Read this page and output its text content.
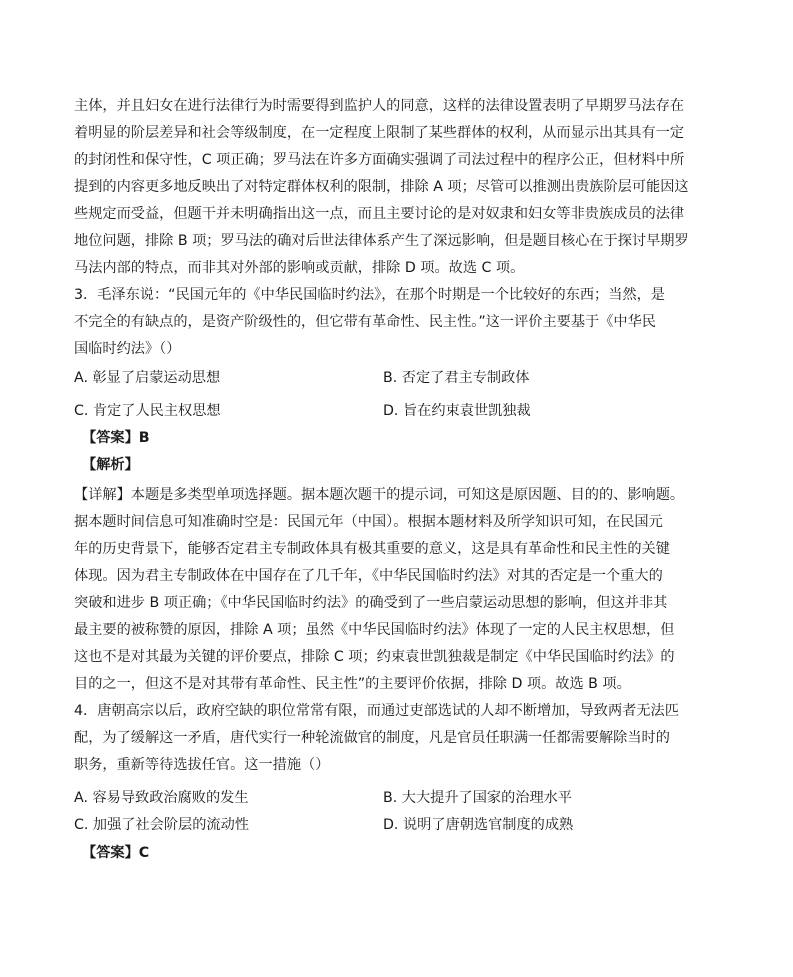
主体，并且妇女在进行法律行为时需要得到监护人的同意，这样的法律设置表明了早期罗马法存在
着明显的阶层差异和社会等级制度，在一定程度上限制了某些群体的权利，从而显示出其具有一定
的封闭性和保守性，C 项正确；罗马法在许多方面确实强调了司法过程中的程序公正，但材料中所
提到的内容更多地反映出了对特定群体权利的限制，排除 A 项；尽管可以推测出贵族阶层可能因这
些规定而受益，但题干并未明确指出这一点，而且主要讨论的是对奴隶和妇女等非贵族成员的法律
地位问题，排除 B 项；罗马法的确对后世法律体系产生了深远影响，但是题目核心在于探讨早期罗
马法内部的特点，而非其对外部的影响或贡献，排除 D 项。故选 C 项。
3．毛泽东说：“民国元年的《中华民国临时约法》，在那个时期是一个比较好的东西；当然，是
不完全的有缺点的，是资产阶级性的，但它带有革命性、民主性。”这一评价主要基于《中华民
国临时约法》（）
A. 彰显了启蒙运动思想	B. 否定了君主专制政体
C. 肯定了人民主权思想	D. 旨在约束袁世凯独裁
【答案】B
【解析】
【详解】本题是多类型单项选择题。据本题次题干的提示词，可知这是原因题、目的的、影响题。
据本题时间信息可知准确时空是：民国元年（中国）。根据本题材料及所学知识可知，在民国元
年的历史背景下，能够否定君主专制政体具有极其重要的意义，这是具有革命性和民主性的关键
体现。因为君主专制政体在中国存在了几千年，《中华民国临时约法》对其的否定是一个重大的
突破和进步 B 项正确；《中华民国临时约法》的确受到了一些启蒙运动思想的影响，但这并非其
最主要的被称赞的原因，排除 A 项；虽然《中华民国临时约法》体现了一定的人民主权思想，但
这也不是对其最为关键的评价要点，排除 C 项；约束袁世凯独裁是制定《中华民国临时约法》的
目的之一，但这不是对其带有革命性、民主性”的主要评价依据，排除 D 项。故选 B 项。
4．唐朝高宗以后，政府空缺的职位常常有限，而通过吏部选试的人却不断增加，导致两者无法匹
配，为了缓解这一矛盾，唐代实行一种轮流做官的制度，凡是官员任职满一任都需要解除当时的
职务，重新等待选拔任官。这一措施（）
A. 容易导致政治腐败的发生	B. 大大提升了国家的治理水平
C. 加强了社会阶层的流动性	D. 说明了唐朝选官制度的成熟
【答案】C
